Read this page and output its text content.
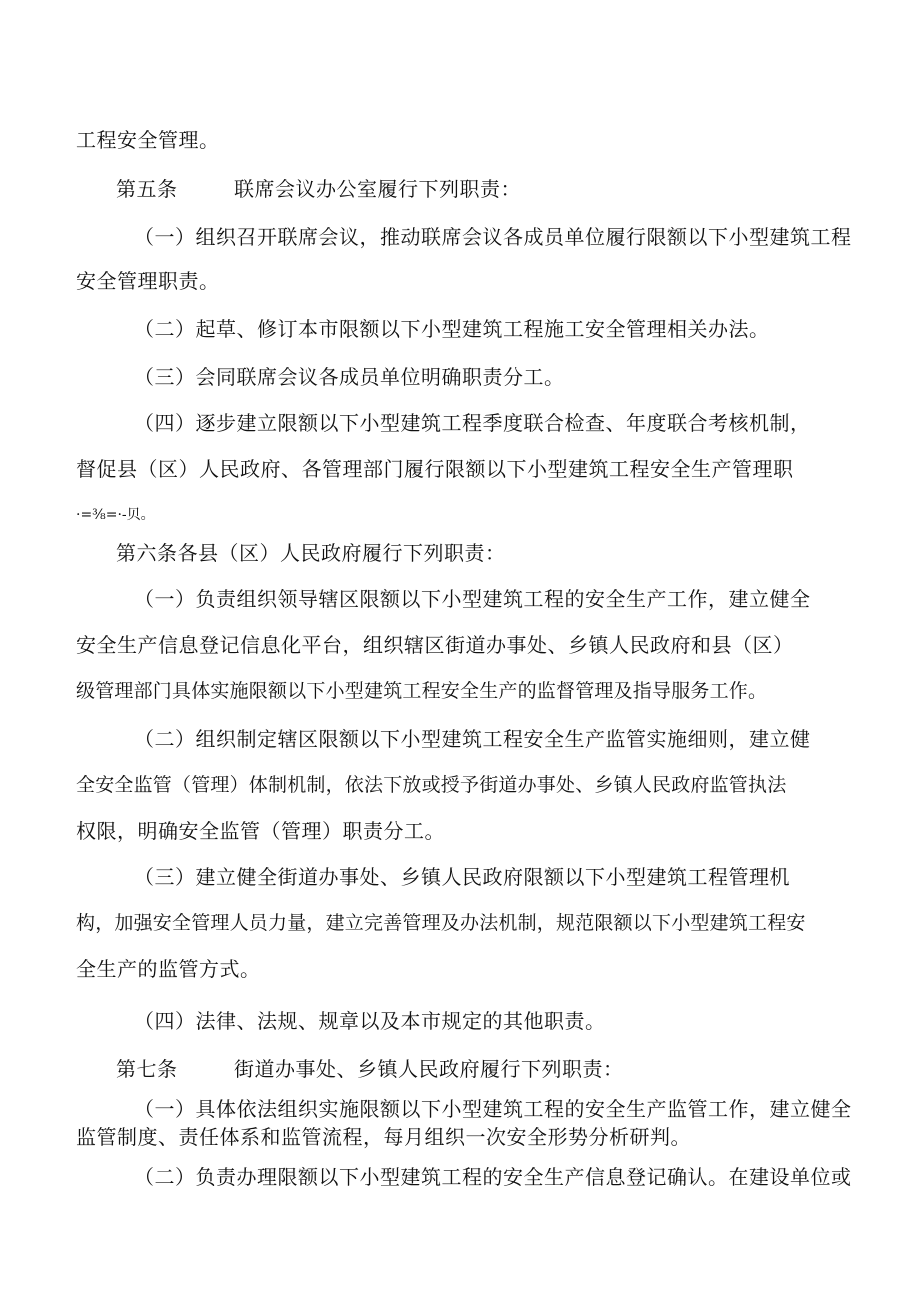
工程安全管理。
第五条	联席会议办公室履行下列职责：
（一）组织召开联席会议，推动联席会议各成员单位履行限额以下小型建筑工程
安全管理职责。
（二）起草、修订本市限额以下小型建筑工程施工安全管理相关办法。
（三）会同联席会议各成员单位明确职责分工。
（四）逐步建立限额以下小型建筑工程季度联合检查、年度联合考核机制，
督促县（区）人民政府、各管理部门履行限额以下小型建筑工程安全生产管理职
·=⅜=·-贝。
第六条各县（区）人民政府履行下列职责：
（一）负责组织领导辖区限额以下小型建筑工程的安全生产工作，建立健全
安全生产信息登记信息化平台，组织辖区街道办事处、乡镇人民政府和县（区）
级管理部门具体实施限额以下小型建筑工程安全生产的监督管理及指导服务工作。
（二）组织制定辖区限额以下小型建筑工程安全生产监管实施细则，建立健
全安全监管（管理）体制机制，依法下放或授予街道办事处、乡镇人民政府监管执法
权限，明确安全监管（管理）职责分工。
（三）建立健全街道办事处、乡镇人民政府限额以下小型建筑工程管理机
构，加强安全管理人员力量，建立完善管理及办法机制，规范限额以下小型建筑工程安
全生产的监管方式。
（四）法律、法规、规章以及本市规定的其他职责。
第七条	街道办事处、乡镇人民政府履行下列职责：
（一）具体依法组织实施限额以下小型建筑工程的安全生产监管工作，建立健全
监管制度、责任体系和监管流程，每月组织一次安全形势分析研判。
（二）负责办理限额以下小型建筑工程的安全生产信息登记确认。在建设单位或
